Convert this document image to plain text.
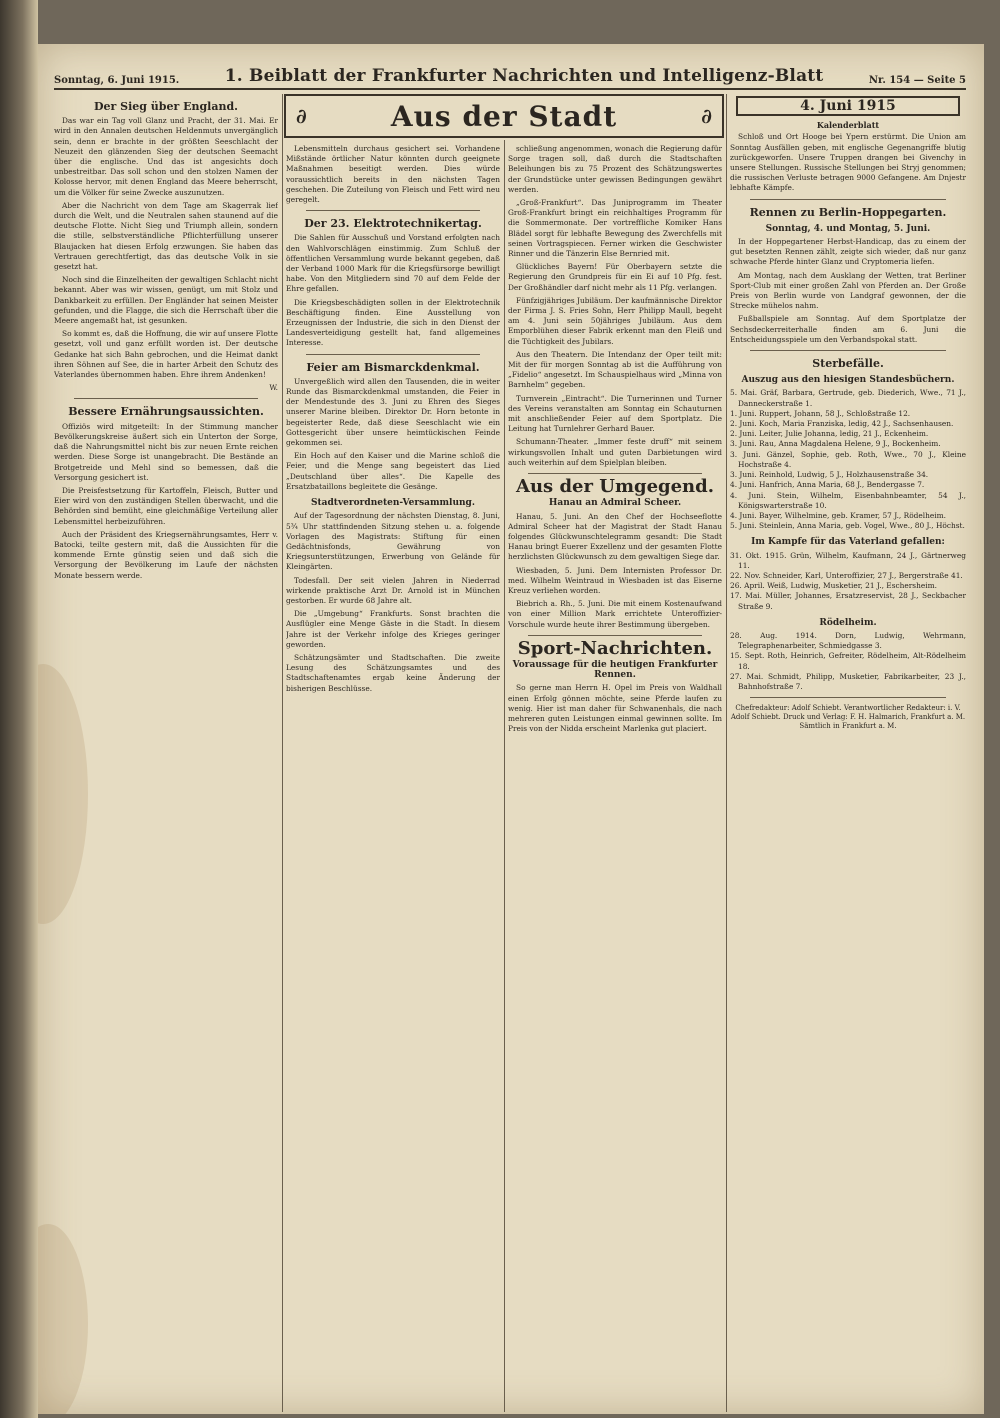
Sonntag, 6. Juni 1915.	1. Beiblatt der Frankfurter Nachrichten und Intelligenz-Blatt	Nr. 154 — Seite 5
∂	Aus der Stadt	∂
Der Sieg über England.

Das war ein Tag voll Glanz und Pracht, der 31. Mai. Er wird in den Annalen deutschen Heldenmuts unvergänglich sein, denn er brachte in der größten Seeschlacht der Neuzeit den glänzenden Sieg der deutschen Seemacht über die englische. Und das ist angesichts doch unbestreitbar. Das soll schon und den stolzen Namen der Kolosse hervor, mit denen England das Meere beherrscht, um die Völker für seine Zwecke auszunutzen.

Aber die Nachricht von dem Tage am Skagerrak lief durch die Welt, und die Neutralen sahen staunend auf die deutsche Flotte. Nicht Sieg und Triumph allein, sondern die stille, selbstverständliche Pflichterfüllung unserer Blaujacken hat diesen Erfolg erzwungen. Sie haben das Vertrauen gerechtfertigt, das das deutsche Volk in sie gesetzt hat.

Noch sind die Einzelheiten der gewaltigen Schlacht nicht bekannt. Aber was wir wissen, genügt, um mit Stolz und Dankbarkeit zu erfüllen. Der Engländer hat seinen Meister gefunden, und die Flagge, die sich die Herrschaft über die Meere angemaßt hat, ist gesunken.

So kommt es, daß die Hoffnung, die wir auf unsere Flotte gesetzt, voll und ganz erfüllt worden ist. Der deutsche Gedanke hat sich Bahn gebrochen, und die Heimat dankt ihren Söhnen auf See, die in harter Arbeit den Schutz des Vaterlandes übernommen haben. Ehre ihrem Andenken!

W.

Bessere Ernährungsaussichten.

Offiziös wird mitgeteilt: In der Stimmung mancher Bevölkerungskreise äußert sich ein Unterton der Sorge, daß die Nahrungsmittel nicht bis zur neuen Ernte reichen werden. Diese Sorge ist unangebracht. Die Bestände an Brotgetreide und Mehl sind so bemessen, daß die Versorgung gesichert ist.

Die Preisfestsetzung für Kartoffeln, Fleisch, Butter und Eier wird von den zuständigen Stellen überwacht, und die Behörden sind bemüht, eine gleichmäßige Verteilung aller Lebensmittel herbeizuführen.

Auch der Präsident des Kriegsernährungsamtes, Herr v. Batocki, teilte gestern mit, daß die Aussichten für die kommende Ernte günstig seien und daß sich die Versorgung der Bevölkerung im Laufe der nächsten Monate bessern werde.

Lebensmitteln durchaus gesichert sei. Vorhandene Mißstände örtlicher Natur könnten durch geeignete Maßnahmen beseitigt werden. Dies würde voraussichtlich bereits in den nächsten Tagen geschehen. Die Zuteilung von Fleisch und Fett wird neu geregelt.

Der 23. Elektrotechnikertag.

Die Sahlen für Ausschuß und Vorstand erfolgten nach den Wahlvorschlägen einstimmig. Zum Schluß der öffentlichen Versammlung wurde bekannt gegeben, daß der Verband 1000 Mark für die Kriegsfürsorge bewilligt habe. Von den Mitgliedern sind 70 auf dem Felde der Ehre gefallen.

Die Kriegsbeschädigten sollen in der Elektrotechnik Beschäftigung finden. Eine Ausstellung von Erzeugnissen der Industrie, die sich in den Dienst der Landesverteidigung gestellt hat, fand allgemeines Interesse.

Feier am Bismarckdenkmal.

Unvergeßlich wird allen den Tausenden, die in weiter Runde das Bismarckdenkmal umstanden, die Feier in der Mendestunde des 3. Juni zu Ehren des Sieges unserer Marine bleiben. Direktor Dr. Horn betonte in begeisterter Rede, daß diese Seeschlacht wie ein Gottesgericht über unsere heimtückischen Feinde gekommen sei.

Ein Hoch auf den Kaiser und die Marine schloß die Feier, und die Menge sang begeistert das Lied „Deutschland über alles“. Die Kapelle des Ersatzbataillons begleitete die Gesänge.

Stadtverordneten-Versammlung.

Auf der Tagesordnung der nächsten Dienstag, 8. Juni, 5¾ Uhr stattfindenden Sitzung stehen u. a. folgende Vorlagen des Magistrats: Stiftung für einen Gedächtnisfonds, Gewährung von Kriegsunterstützungen, Erwerbung von Gelände für Kleingärten.

Todesfall. Der seit vielen Jahren in Niederrad wirkende praktische Arzt Dr. Arnold ist in München gestorben. Er wurde 68 Jahre alt.

Die „Umgebung“ Frankfurts. Sonst brachten die Ausflügler eine Menge Gäste in die Stadt. In diesem Jahre ist der Verkehr infolge des Krieges geringer geworden.

Schätzungsämter und Stadtschaften. Die zweite Lesung des Schätzungsamtes und des Stadtschaftenamtes ergab keine Änderung der bisherigen Beschlüsse.

schließung angenommen, wonach die Regierung dafür Sorge tragen soll, daß durch die Stadtschaften Beleihungen bis zu 75 Prozent des Schätzungswertes der Grundstücke unter gewissen Bedingungen gewährt werden.

„Groß-Frankfurt“. Das Juniprogramm im Theater Groß-Frankfurt bringt ein reichhaltiges Programm für die Sommermonate. Der vortreffliche Komiker Hans Blädel sorgt für lebhafte Bewegung des Zwerchfells mit seinen Vortragspiecen. Ferner wirken die Geschwister Rinner und die Tänzerin Else Bernried mit.

Glückliches Bayern! Für Oberbayern setzte die Regierung den Grundpreis für ein Ei auf 10 Pfg. fest. Der Großhändler darf nicht mehr als 11 Pfg. verlangen.

Fünfzigjähriges Jubiläum. Der kaufmännische Direktor der Firma J. S. Fries Sohn, Herr Philipp Maull, begeht am 4. Juni sein 50jähriges Jubiläum. Aus dem Emporblühen dieser Fabrik erkennt man den Fleiß und die Tüchtigkeit des Jubilars.

Aus den Theatern. Die Intendanz der Oper teilt mit: Mit der für morgen Sonntag ab ist die Aufführung von „Fidelio“ angesetzt. Im Schauspielhaus wird „Minna von Barnhelm“ gegeben.

Turnverein „Eintracht“. Die Turnerinnen und Turner des Vereins veranstalten am Sonntag ein Schauturnen mit anschließender Feier auf dem Sportplatz. Die Leitung hat Turnlehrer Gerhard Bauer.

Schumann-Theater. „Immer feste druff“ mit seinem wirkungsvollen Inhalt und guten Darbietungen wird auch weiterhin auf dem Spielplan bleiben.

Aus der Umgegend.
Hanau an Admiral Scheer.

Hanau, 5. Juni. An den Chef der Hochseeflotte Admiral Scheer hat der Magistrat der Stadt Hanau folgendes Glückwunschtelegramm gesandt: Die Stadt Hanau bringt Euerer Exzellenz und der gesamten Flotte herzlichsten Glückwunsch zu dem gewaltigen Siege dar.

Wiesbaden, 5. Juni. Dem Internisten Professor Dr. med. Wilhelm Weintraud in Wiesbaden ist das Eiserne Kreuz verliehen worden.

Biebrich a. Rh., 5. Juni. Die mit einem Kostenaufwand von einer Million Mark errichtete Unteroffizier-Vorschule wurde heute ihrer Bestimmung übergeben.

Sport-Nachrichten.
Voraussage für die heutigen Frankfurter Rennen.

So gerne man Herrn H. Opel im Preis von Waldhall einen Erfolg gönnen möchte, seine Pferde laufen zu wenig. Hier ist man daher für Schwanenhals, die nach mehreren guten Leistungen einmal gewinnen sollte. Im Preis von der Nidda erscheint Marlenka gut placiert.

4. Juni 1915
Kalenderblatt

Schloß und Ort Hooge bei Ypern erstürmt. Die Union am Sonntag Ausfällen geben, mit englische Gegenangriffe blutig zurückgeworfen. Unsere Truppen drangen bei Givenchy in unsere Stellungen. Russische Stellungen bei Stryj genommen; die russischen Verluste betragen 9000 Gefangene. Am Dnjestr lebhafte Kämpfe.

Rennen zu Berlin-Hoppegarten.
Sonntag, 4. und Montag, 5. Juni.

In der Hoppegartener Herbst-Handicap, das zu einem der gut besetzten Rennen zählt, zeigte sich wieder, daß nur ganz schwache Pferde hinter Glanz und Cryptomeria liefen.

Am Montag, nach dem Ausklang der Wetten, trat Berliner Sport-Club mit einer großen Zahl von Pferden an. Der Große Preis von Berlin wurde von Landgraf gewonnen, der die Strecke mühelos nahm.

Fußballspiele am Sonntag. Auf dem Sportplatze der Sechsdeckerreiterhalle finden am 6. Juni die Entscheidungsspiele um den Verbandspokal statt.

Sterbefälle.
Auszug aus den hiesigen Standesbüchern.
5. Mai. Gräf, Barbara, Gertrude, geb. Diederich, Wwe., 71 J., Danneckerstraße 1.
1. Juni. Ruppert, Johann, 58 J., Schloßstraße 12.
2. Juni. Koch, Maria Franziska, ledig, 42 J., Sachsenhausen.
2. Juni. Leiter, Julie Johanna, ledig, 21 J., Eckenheim.
3. Juni. Rau, Anna Magdalena Helene, 9 J., Bockenheim.
3. Juni. Gänzel, Sophie, geb. Roth, Wwe., 70 J., Kleine Hochstraße 4.
3. Juni. Reinhold, Ludwig, 5 J., Holzhausenstraße 34.
4. Juni. Hanfrich, Anna Maria, 68 J., Bendergasse 7.
4. Juni. Stein, Wilhelm, Eisenbahnbeamter, 54 J., Königswarterstraße 10.
4. Juni. Bayer, Wilhelmine, geb. Kramer, 57 J., Rödelheim.
5. Juni. Steinlein, Anna Maria, geb. Vogel, Wwe., 80 J., Höchst.
Im Kampfe für das Vaterland gefallen:
31. Okt. 1915. Grün, Wilhelm, Kaufmann, 24 J., Gärtnerweg 11.
22. Nov. Schneider, Karl, Unteroffizier, 27 J., Bergerstraße 41.
26. April. Weiß, Ludwig, Musketier, 21 J., Eschersheim.
17. Mai. Müller, Johannes, Ersatzreservist, 28 J., Seckbacher Straße 9.
Rödelheim.
28. Aug. 1914. Dorn, Ludwig, Wehrmann, Telegraphenarbeiter, Schmiedgasse 3.
15. Sept. Roth, Heinrich, Gefreiter, Rödelheim, Alt-Rödelheim 18.
27. Mai. Schmidt, Philipp, Musketier, Fabrikarbeiter, 23 J., Bahnhofstraße 7.
Chefredakteur: Adolf Schiebt. Verantwortlicher Redakteur: i. V. Adolf Schiebt. Druck und Verlag: F. H. Halmarich, Frankfurt a. M. Sämtlich in Frankfurt a. M.
